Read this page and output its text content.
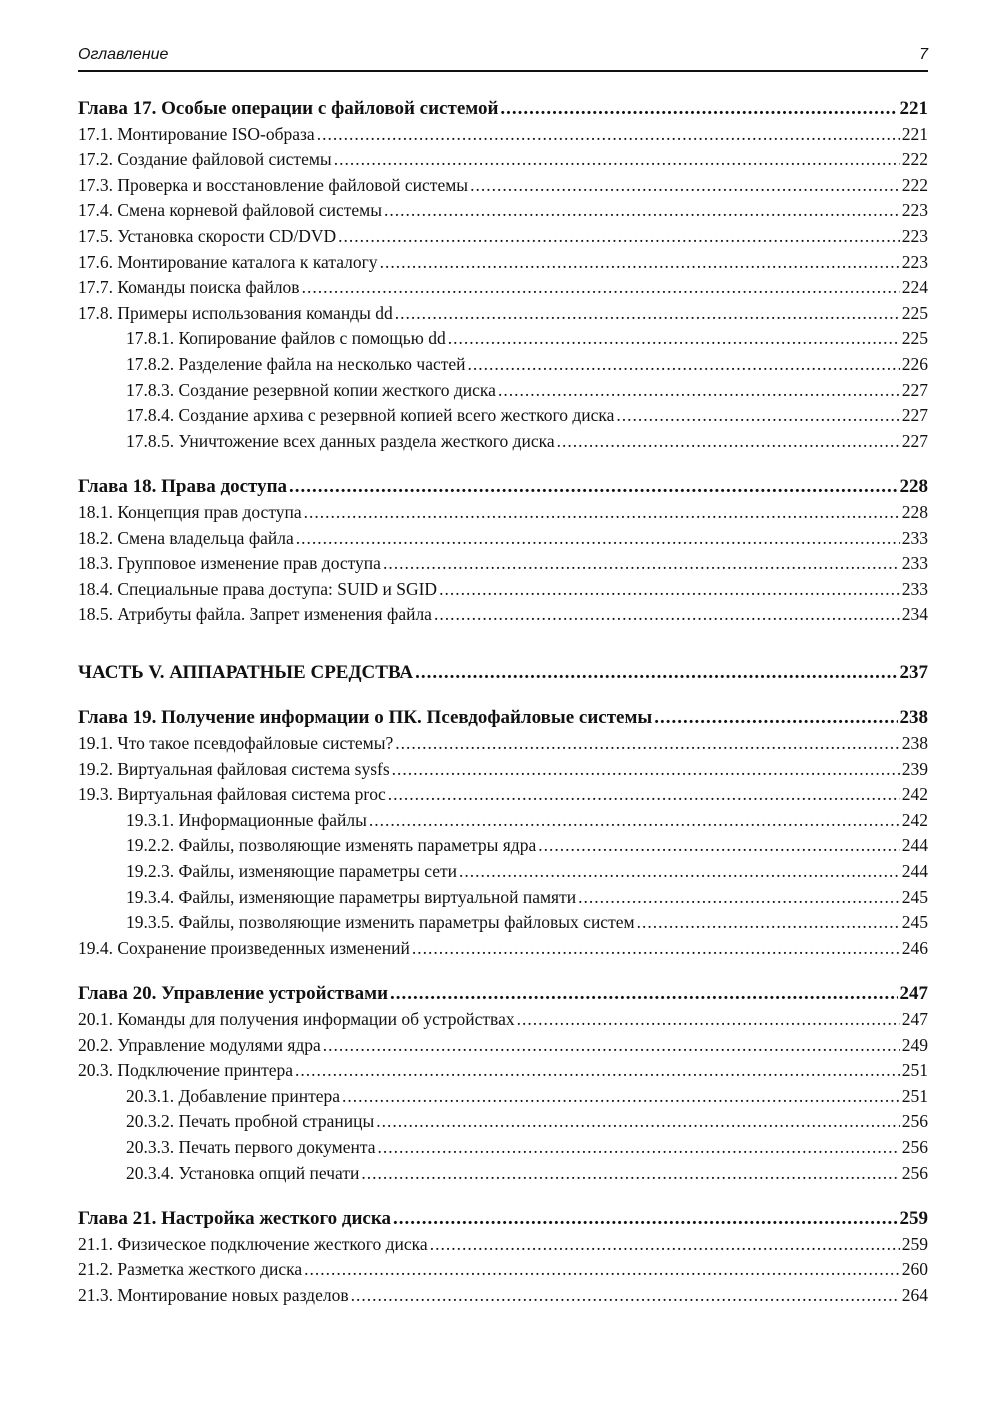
Оглавление	7
Глава 17. Особые операции с файловой системой .....	221
17.1. Монтирование ISO-образа .....	221
17.2. Создание файловой системы .....	222
17.3. Проверка и восстановление файловой системы .....	222
17.4. Смена корневой файловой системы .....	223
17.5. Установка скорости CD/DVD .....	223
17.6. Монтирование каталога к каталогу .....	223
17.7. Команды поиска файлов .....	224
17.8. Примеры использования команды dd .....	225
17.8.1. Копирование файлов с помощью dd .....	225
17.8.2. Разделение файла на несколько частей .....	226
17.8.3. Создание резервной копии жесткого диска .....	227
17.8.4. Создание архива с резервной копией всего жесткого диска .....	227
17.8.5. Уничтожение всех данных раздела жесткого диска .....	227
Глава 18. Права доступа .....	228
18.1. Концепция прав доступа .....	228
18.2. Смена владельца файла .....	233
18.3. Групповое изменение прав доступа .....	233
18.4. Специальные права доступа: SUID и SGID .....	233
18.5. Атрибуты файла. Запрет изменения файла .....	234
ЧАСТЬ V. АППАРАТНЫЕ СРЕДСТВА .....	237
Глава 19. Получение информации о ПК. Псевдофайловые системы .....	238
19.1. Что такое псевдофайловые системы? .....	238
19.2. Виртуальная файловая система sysfs .....	239
19.3. Виртуальная файловая система proc .....	242
19.3.1. Информационные файлы .....	242
19.2.2. Файлы, позволяющие изменять параметры ядра .....	244
19.2.3. Файлы, изменяющие параметры сети .....	244
19.3.4. Файлы, изменяющие параметры виртуальной памяти .....	245
19.3.5. Файлы, позволяющие изменить параметры файловых систем .....	245
19.4. Сохранение произведенных изменений .....	246
Глава 20. Управление устройствами .....	247
20.1. Команды для получения информации об устройствах .....	247
20.2. Управление модулями ядра .....	249
20.3. Подключение принтера .....	251
20.3.1. Добавление принтера .....	251
20.3.2. Печать пробной страницы .....	256
20.3.3. Печать первого документа .....	256
20.3.4. Установка опций печати .....	256
Глава 21. Настройка жесткого диска .....	259
21.1. Физическое подключение жесткого диска .....	259
21.2. Разметка жесткого диска .....	260
21.3. Монтирование новых разделов .....	264
